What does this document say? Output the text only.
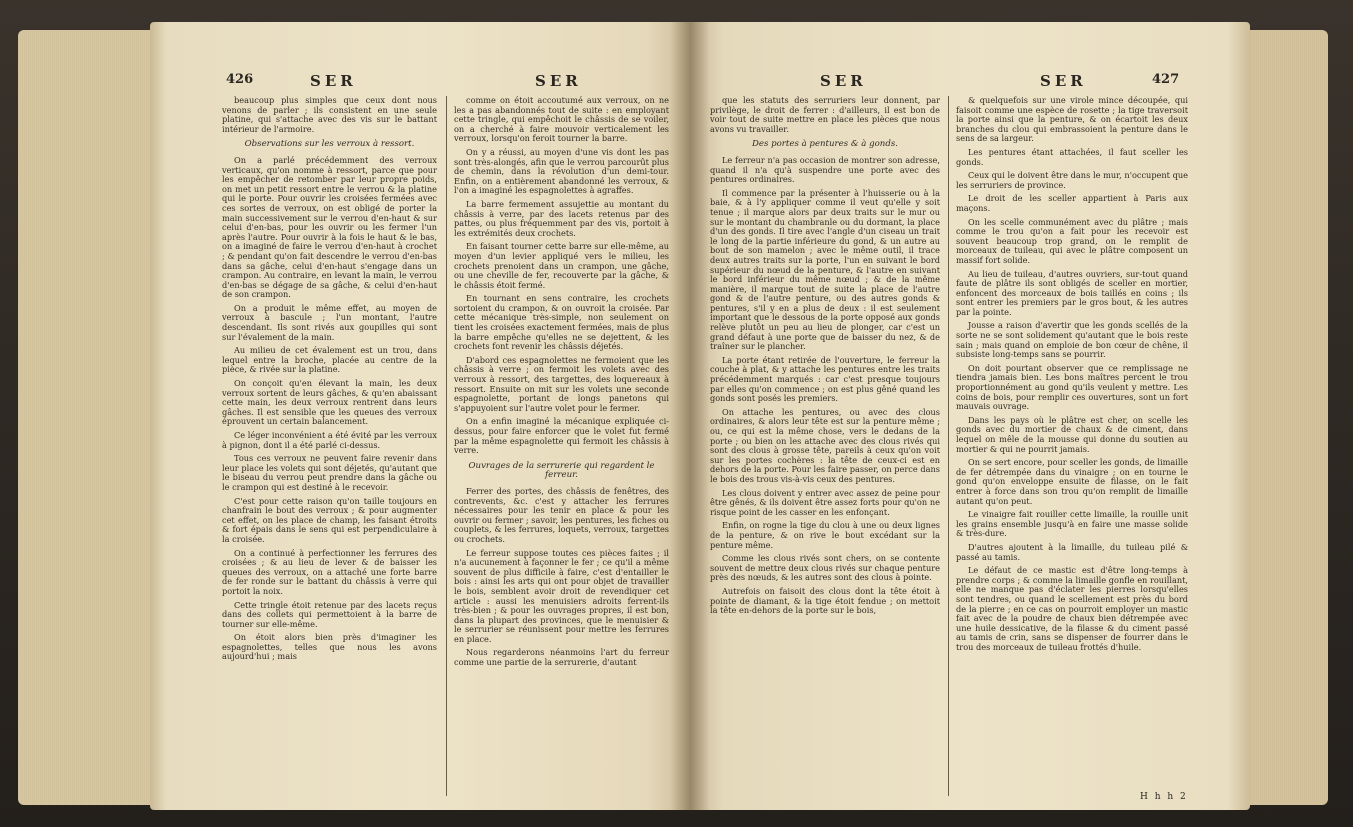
426	SER	SER

beaucoup plus simples que ceux dont nous venons de parler ; ils consistent en une seule platine, qui s'attache avec des vis sur le battant intérieur de l'armoire.

Observations sur les verroux à ressort.

On a parlé précédemment des verroux verticaux, qu'on nomme à ressort, parce que pour les empêcher de retomber par leur propre poids, on met un petit ressort entre le verrou & la platine qui le porte. Pour ouvrir les croisées fermées avec ces sortes de verroux, on est obligé de porter la main successivement sur le verrou d'en-haut & sur celui d'en-bas, pour les ouvrir ou les fermer l'un après l'autre. Pour ouvrir à la fois le haut & le bas, on a imaginé de faire le verrou d'en-haut à crochet ; & pendant qu'on fait descendre le verrou d'en-bas dans sa gâche, celui d'en-haut s'engage dans un crampon. Au contraire, en levant la main, le verrou d'en-bas se dégage de sa gâche, & celui d'en-haut de son crampon.

On a produit le même effet, au moyen de verroux à bascule ; l'un montant, l'autre descendant. Ils sont rivés aux goupilles qui sont sur l'évalement de la main.

Au milieu de cet évalement est un trou, dans lequel entre la broche, placée au centre de la pièce, & rivée sur la platine.

On conçoit qu'en élevant la main, les deux verroux sortent de leurs gâches, & qu'en abaissant cette main, les deux verroux rentrent dans leurs gâches. Il est sensible que les queues des verroux éprouvent un certain balancement.

Ce léger inconvénient a été évité par les verroux à pignon, dont il a été parlé ci-dessus.

Tous ces verroux ne peuvent faire revenir dans leur place les volets qui sont déjetés, qu'autant que le biseau du verrou peut prendre dans la gâche ou le crampon qui est destiné à le recevoir.

C'est pour cette raison qu'on taille toujours en chanfrain le bout des verroux ; & pour augmenter cet effet, on les place de champ, les faisant étroits & fort épais dans le sens qui est perpendiculaire à la croisée.

On a continué à perfectionner les ferrures des croisées ; & au lieu de lever & de baisser les queues des verroux, on a attaché une forte barre de fer ronde sur le battant du châssis à verre qui portoit la noix.

Cette tringle étoit retenue par des lacets reçus dans des collets qui permettoient à la barre de tourner sur elle-même.

On étoit alors bien près d'imaginer les espagnolettes, telles que nous les avons aujourd'hui ; mais

comme on étoit accoutumé aux verroux, on ne les a pas abandonnés tout de suite : en employant cette tringle, qui empêchoit le châssis de se voiler, on a cherché à faire mouvoir verticalement les verroux, lorsqu'on feroit tourner la barre.

On y a réussi, au moyen d'une vis dont les pas sont très-alongés, afin que le verrou parcourût plus de chemin, dans la révolution d'un demi-tour. Enfin, on a entièrement abandonné les verroux, & l'on a imaginé les espagnolettes à agraffes.

La barre fermement assujettie au montant du châssis à verre, par des lacets retenus par des pattes, ou plus fréquemment par des vis, portoit à les extrémités deux crochets.

En faisant tourner cette barre sur elle-même, au moyen d'un levier appliqué vers le milieu, les crochets prenoient dans un crampon, une gâche, ou une cheville de fer, recouverte par la gâche, & le châssis étoit fermé.

En tournant en sens contraire, les crochets sortoient du crampon, & on ouvroit la croisée. Par cette mécanique très-simple, non seulement on tient les croisées exactement fermées, mais de plus la barre empêche qu'elles ne se dejettent, & les crochets font revenir les châssis déjetés.

D'abord ces espagnolettes ne fermoient que les châssis à verre ; on fermoit les volets avec des verroux à ressort, des targettes, des loquereaux à ressort. Ensuite on mit sur les volets une seconde espagnolette, portant de longs panetons qui s'appuyoient sur l'autre volet pour le fermer.

On a enfin imaginé la mécanique expliquée ci-dessus, pour faire enforcer que le volet fut fermé par la même espagnolette qui fermoit les châssis à verre.

Ouvrages de la serrurerie qui regardent le ferreur.

Ferrer des portes, des châssis de fenêtres, des contrevents, &c. c'est y attacher les ferrures nécessaires pour les tenir en place & pour les ouvrir ou fermer ; savoir, les pentures, les fiches ou couplets, & les ferrures, loquets, verroux, targettes ou crochets.

Le ferreur suppose toutes ces pièces faites ; il n'a aucunement à façonner le fer ; ce qu'il a même souvent de plus difficile à faire, c'est d'entailler le bois : ainsi les arts qui ont pour objet de travailler le bois, semblent avoir droit de revendiquer cet article : aussi les menuisiers adroits ferrent-ils très-bien ; & pour les ouvrages propres, il est bon, dans la plupart des provinces, que le menuisier & le serrurier se réunissent pour mettre les ferrures en place.

Nous regarderons néanmoins l'art du ferreur comme une partie de la serrurerie, d'autant

SER	SER	427

que les statuts des serruriers leur donnent, par privilège, le droit de ferrer : d'ailleurs, il est bon de voir tout de suite mettre en place les pièces que nous avons vu travailler.

Des portes à pentures & à gonds.

Le ferreur n'a pas occasion de montrer son adresse, quand il n'a qu'à suspendre une porte avec des pentures ordinaires.

Il commence par la présenter à l'huisserie ou à la baie, & à l'y appliquer comme il veut qu'elle y soit tenue ; il marque alors par deux traits sur le mur ou sur le montant du chambranle ou du dormant, la place d'un des gonds. Il tire avec l'angle d'un ciseau un trait le long de la partie inférieure du gond, & un autre au bout de son mamelon ; avec le même outil, il trace deux autres traits sur la porte, l'un en suivant le bord supérieur du nœud de la penture, & l'autre en suivant le bord inférieur du même nœud ; & de la même manière, il marque tout de suite la place de l'autre gond & de l'autre penture, ou des autres gonds & pentures, s'il y en a plus de deux : il est seulement important que le dessous de la porte opposé aux gonds relève plutôt un peu au lieu de plonger, car c'est un grand défaut à une porte que de baisser du nez, & de traîner sur le plancher.

La porte étant retirée de l'ouverture, le ferreur la couche à plat, & y attache les pentures entre les traits précédemment marqués : car c'est presque toujours par elles qu'on commence ; on est plus gêné quand les gonds sont posés les premiers.

On attache les pentures, ou avec des clous ordinaires, & alors leur tête est sur la penture même ; ou, ce qui est la même chose, vers le dedans de la porte ; ou bien on les attache avec des clous rivés qui sont des clous à grosse tête, pareils à ceux qu'on voit sur les portes cochères : la tête de ceux-ci est en dehors de la porte. Pour les faire passer, on perce dans le bois des trous vis-à-vis ceux des pentures.

Les clous doivent y entrer avec assez de peine pour être gênés, & ils doivent être assez forts pour qu'on ne risque point de les casser en les enfonçant.

Enfin, on rogne la tige du clou à une ou deux lignes de la penture, & on rive le bout excédant sur la penture même.

Comme les clous rivés sont chers, on se contente souvent de mettre deux clous rivés sur chaque penture près des nœuds, & les autres sont des clous à pointe.

Autrefois on faisoit des clous dont la tête étoit à pointe de diamant, & la tige étoit fendue ; on mettoit la tête en-dehors de la porte sur le bois,

& quelquefois sur une virole mince découpée, qui faisoit comme une espèce de rosette ; la tige traversoit la porte ainsi que la penture, & on écartoit les deux branches du clou qui embrassoient la penture dans le sens de sa largeur.

Les pentures étant attachées, il faut sceller les gonds.

Ceux qui le doivent être dans le mur, n'occupent que les serruriers de province.

Le droit de les sceller appartient à Paris aux maçons.

On les scelle communément avec du plâtre ; mais comme le trou qu'on a fait pour les recevoir est souvent beaucoup trop grand, on le remplit de morceaux de tuileau, qui avec le plâtre composent un massif fort solide.

Au lieu de tuileau, d'autres ouvriers, sur-tout quand faute de plâtre ils sont obligés de sceller en mortier, enfoncent des morceaux de bois taillés en coins ; ils sont entrer les premiers par le gros bout, & les autres par la pointe.

Jousse a raison d'avertir que les gonds scellés de la sorte ne se sont solidement qu'autant que le bois reste sain ; mais quand on emploie de bon cœur de chêne, il subsiste long-temps sans se pourrir.

On doit pourtant observer que ce remplissage ne tiendra jamais bien. Les bons maîtres percent le trou proportionnément au gond qu'ils veulent y mettre. Les coins de bois, pour remplir ces ouvertures, sont un fort mauvais ouvrage.

Dans les pays où le plâtre est cher, on scelle les gonds avec du mortier de chaux & de ciment, dans lequel on mêle de la mousse qui donne du soutien au mortier & qui ne pourrit jamais.

On se sert encore, pour sceller les gonds, de limaille de fer détrempée dans du vinaigre ; on en tourne le gond qu'on enveloppe ensuite de filasse, on le fait entrer à force dans son trou qu'on remplit de limaille autant qu'on peut.

Le vinaigre fait rouiller cette limaille, la rouille unit les grains ensemble jusqu'à en faire une masse solide & très-dure.

D'autres ajoutent à la limaille, du tuileau pilé & passé au tamis.

Le défaut de ce mastic est d'être long-temps à prendre corps ; & comme la limaille gonfle en rouillant, elle ne manque pas d'éclater les pierres lorsqu'elles sont tendres, ou quand le scellement est près du bord de la pierre ; en ce cas on pourroit employer un mastic fait avec de la poudre de chaux bien détrempée avec une huile dessicative, de la filasse & du ciment passé au tamis de crin, sans se dispenser de fourrer dans le trou des morceaux de tuileau frottés d'huile.

H h h 2
